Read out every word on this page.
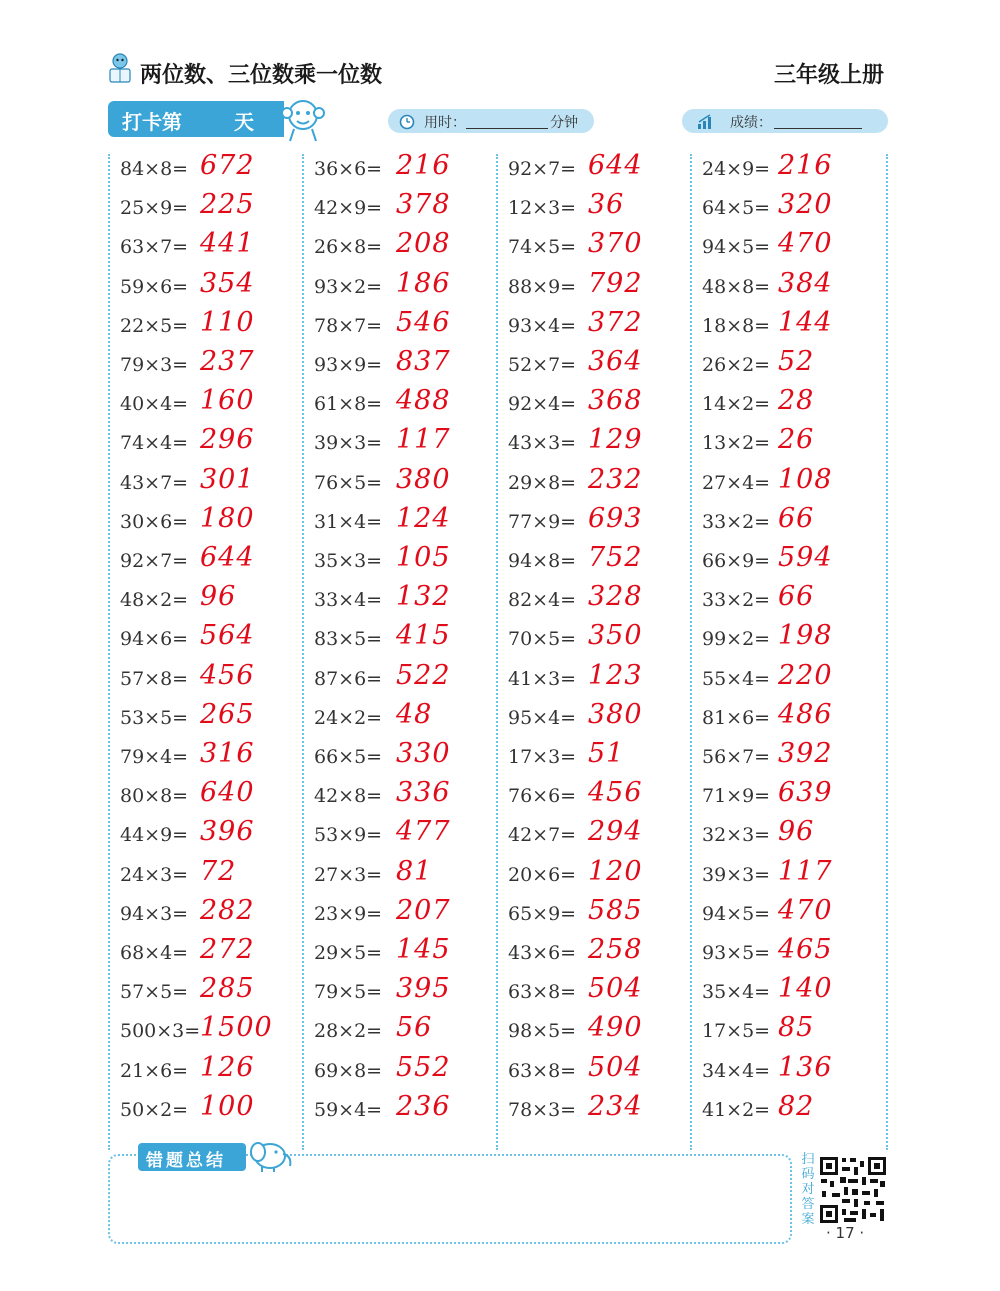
两位数、三位数乘一位数	三年级上册
打卡第	天	用时：	分钟	成绩：
84×8= 672
25×9= 225
63×7= 441
59×6= 354
22×5= 110
79×3= 237
40×4= 160
74×4= 296
43×7= 301
30×6= 180
92×7= 644
48×2= 96
94×6= 564
57×8= 456
53×5= 265
79×4= 316
80×8= 640
44×9= 396
24×3= 72
94×3= 282
68×4= 272
57×5= 285
500×3= 1500
21×6= 126
50×2= 100
36×6= 216
42×9= 378
26×8= 208
93×2= 186
78×7= 546
93×9= 837
61×8= 488
39×3= 117
76×5= 380
31×4= 124
35×3= 105
33×4= 132
83×5= 415
87×6= 522
24×2= 48
66×5= 330
42×8= 336
53×9= 477
27×3= 81
23×9= 207
29×5= 145
79×5= 395
28×2= 56
69×8= 552
59×4= 236
92×7= 644
12×3= 36
74×5= 370
88×9= 792
93×4= 372
52×7= 364
92×4= 368
43×3= 129
29×8= 232
77×9= 693
94×8= 752
82×4= 328
70×5= 350
41×3= 123
95×4= 380
17×3= 51
76×6= 456
42×7= 294
20×6= 120
65×9= 585
43×6= 258
63×8= 504
98×5= 490
63×8= 504
78×3= 234
24×9= 216
64×5= 320
94×5= 470
48×8= 384
18×8= 144
26×2= 52
14×2= 28
13×2= 26
27×4= 108
33×2= 66
66×9= 594
33×2= 66
99×2= 198
55×4= 220
81×6= 486
56×7= 392
71×9= 639
32×3= 96
39×3= 117
94×5= 470
93×5= 465
35×4= 140
17×5= 85
34×4= 136
41×2= 82
错题总结	扫码对答案
· 17 ·
